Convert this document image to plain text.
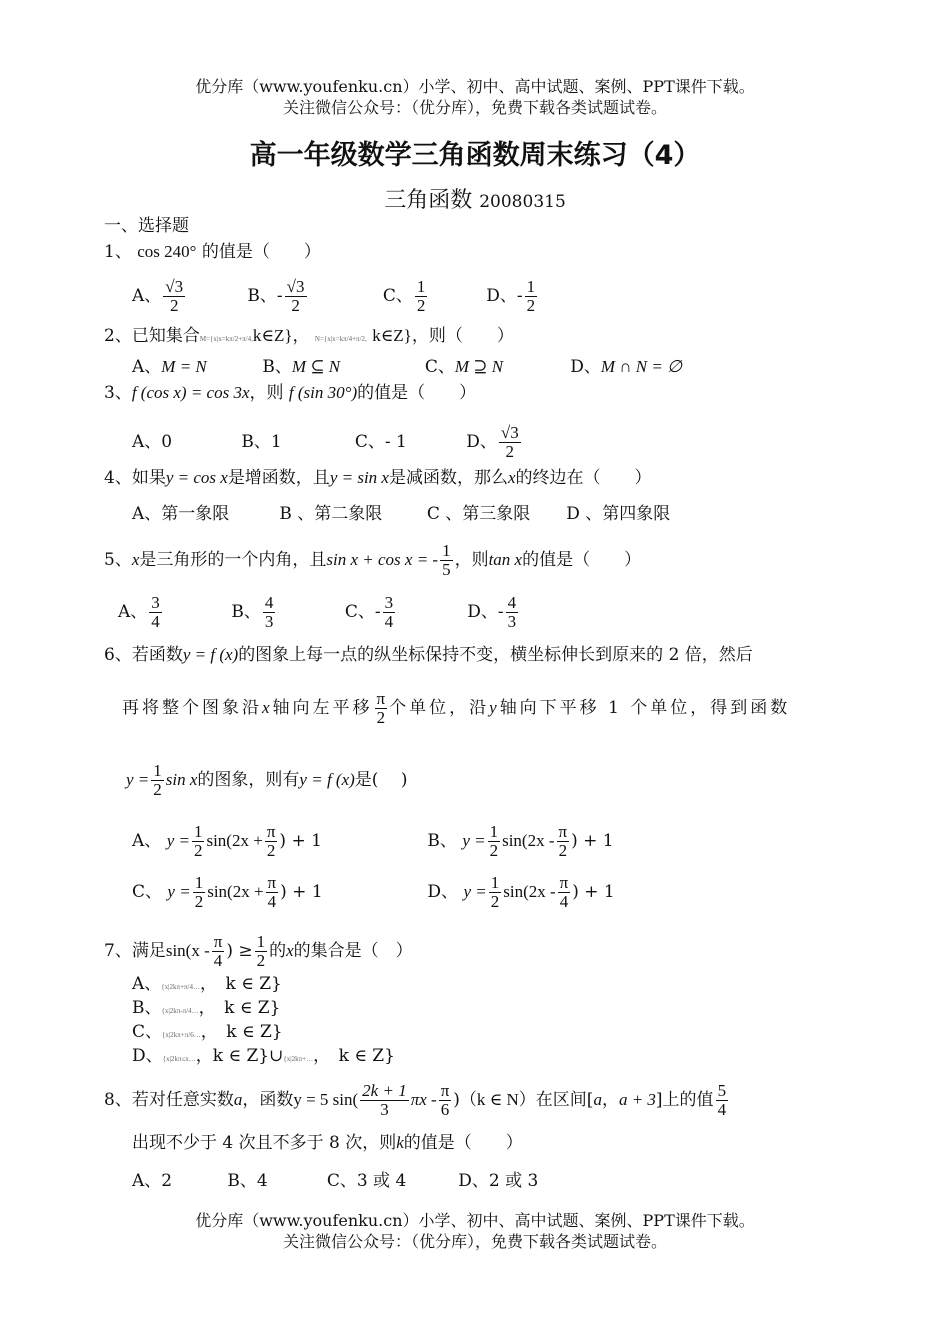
优分库（www.youfenku.cn）小学、初中、高中试题、案例、PPT课件下载。
关注微信公众号：（优分库），免费下载各类试题试卷。
高一年级数学三角函数周末练习（4）
三角函数 20080315
一、选择题
1、 cos 240° 的值是（　　）
A、 $\frac{√3}{2}$	B、- $\frac{√3}{2}$	C、 $\frac{1}{2}$	D、- $\frac{1}{2}$
2、已知集合M={x|x=kπ/2+π/4,k∈Z}， N={x|x=kπ/4+π/2, k∈Z}，则（　　）
A、M = N	B、M ⊆ N	C、M ⊇ N	D、M ∩ N = ∅
3、f (cos x) = cos 3x，则 f (sin 30°)的值是（　　）
A、0	B、1	C、- 1	D、 $\frac{√3}{2}$
4、如果y = cos x是增函数，且y = sin x是减函数，那么x的终边在（　　）
A、第一象限	B 、第二象限	C 、第三象限 D 、第四象限
5、x是三角形的一个内角，且sin x + cos x = - $\frac{1}{5}$ ，则tan x的值是（　　）
A、 $\frac{3}{4}$	B、 $\frac{4}{3}$	C、- $\frac{3}{4}$	D、- $\frac{4}{3}$
6、若函数y = f (x)的图象上每一点的纵坐标保持不变，横坐标伸长到原来的 2 倍，然后
再将整个图象沿x轴向左平移 $\frac{\pi}{2}$ 个单位，沿y轴向下平移 1 个单位，得到函数
$y = \frac{1}{2}$ sin x的图象，则有y = f (x)是(　 )
A、 $y = \frac{1}{2} \sin(2x + \frac{\pi}{2}$ ) + 1	B、 $y = \frac{1}{2} \sin(2x - \frac{\pi}{2}$ ) + 1
C、 $y = \frac{1}{2} \sin(2x + \frac{\pi}{4}$ ) + 1	D、 $y = \frac{1}{2} \sin(2x - \frac{\pi}{4}$ ) + 1
7、满足$\sin(x - \frac{\pi}{4}$ ) ≥ $\frac{1}{2}$ 的x的集合是（　）
A、{x|2kπ+π/4…，　k ∈ Z}
B、{x|2kπ-π/4…，　k ∈ Z}
C、{x|2kπ+π/6…，　k ∈ Z}
D、{x|2kπ≤x…，k ∈ Z}∪{x|2kπ+…，　k ∈ Z}
8、若对任意实数a，函数y = 5 $\sin( \frac{2k + 1}{3}$ πx - $\frac{\pi}{6} )(k$ ∈ N）在区间[a，a + 3]上的值 $\frac{5}{4}$
出现不少于 4 次且不多于 8 次，则k的值是（　　）
A、2	B、4	C、3 或 4	D、2 或 3
优分库（www.youfenku.cn）小学、初中、高中试题、案例、PPT课件下载。
关注微信公众号：（优分库），免费下载各类试题试卷。
